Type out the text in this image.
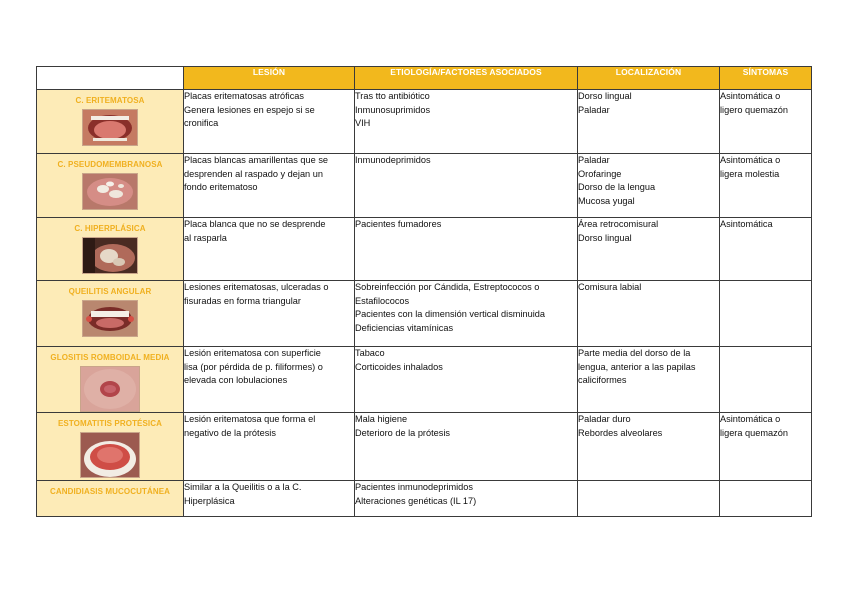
	LESIÓN	ETIOLOGÍA/FACTORES ASOCIADOS	LOCALIZACIÓN	SÍNTOMAS

C. ERITEMATOSA	Placas eritematosas atróficas
Genera lesiones en espejo si se
cronifica	Tras tto antibiótico
Inmunosuprimidos
VIH	Dorso lingual
Paladar	Asintomática o
ligero quemazón

C. PSEUDOMEMBRANOSA	Placas blancas amarillentas que se
desprenden al raspado y dejan un
fondo eritematoso	Inmunodeprimidos	Paladar
Orofaringe
Dorso de la lengua
Mucosa yugal	Asintomática o
ligera molestia

C. HIPERPLÁSICA	Placa blanca que no se desprende
al rasparla	Pacientes fumadores	Área retrocomisural
Dorso lingual	Asintomática

QUEILITIS ANGULAR	Lesiones eritematosas, ulceradas o
fisuradas en forma triangular	Sobreinfección por Cándida, Estreptococos o
Estafilococos
Pacientes con la dimensión vertical disminuida
Deficiencias vitamínicas	Comisura labial	

GLOSITIS ROMBOIDAL MEDIA	Lesión eritematosa con superficie
lisa (por pérdida de p. filiformes) o
elevada con lobulaciones	Tabaco
Corticoides inhalados	Parte media del dorso de la
lengua, anterior a las papilas
caliciformes	

ESTOMATITIS PROTÉSICA	Lesión eritematosa que forma el
negativo de la prótesis	Mala higiene
Deterioro de la prótesis	Paladar duro
Rebordes alveolares	Asintomática o
ligera quemazón

CANDIDIASIS MUCOCUTÁNEA	Similar a la Queilitis o a la C.
Hiperplásica	Pacientes inmunodeprimidos
Alteraciones genéticas (IL 17)		
